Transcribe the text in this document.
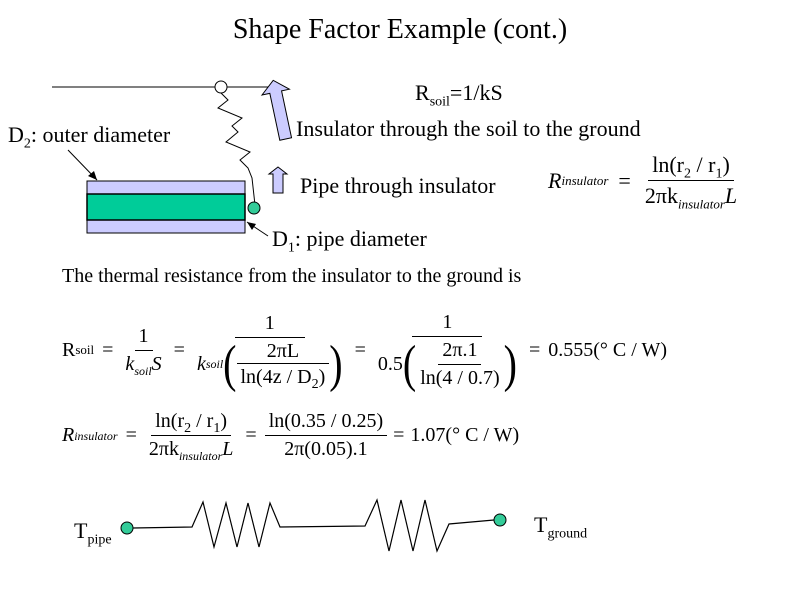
Shape Factor Example (cont.)
$D_2$: outer diameter
$D_1$: pipe diameter
$R_{soil}=1/kS$
Insulator through the soil to the ground
Pipe through insulator R insulator = $\frac{\ln(r_2 / r_1)}{2\pi k_{insulator}L}$
The thermal resistance from the insulator to the ground is
R soil = $\frac{1}{k_{soil}S}$ =
1
k soil ( $\frac{2\pi L}{\ln(4z / D_2)}$ ) =
1
0.5 ( $\frac{2\pi.1}{\ln(4 / 0.7)}$ ) = 0.555(° C / W)
R insulator = $\frac{\ln(r_2 / r_1)}{2\pi k_{insulator}L} = \frac{\ln(0.35 / 0.25)}{2\pi(0.05).1} = 1.07(^\circ$ C / W)
$T_{pipe}$
$T_{ground}$
